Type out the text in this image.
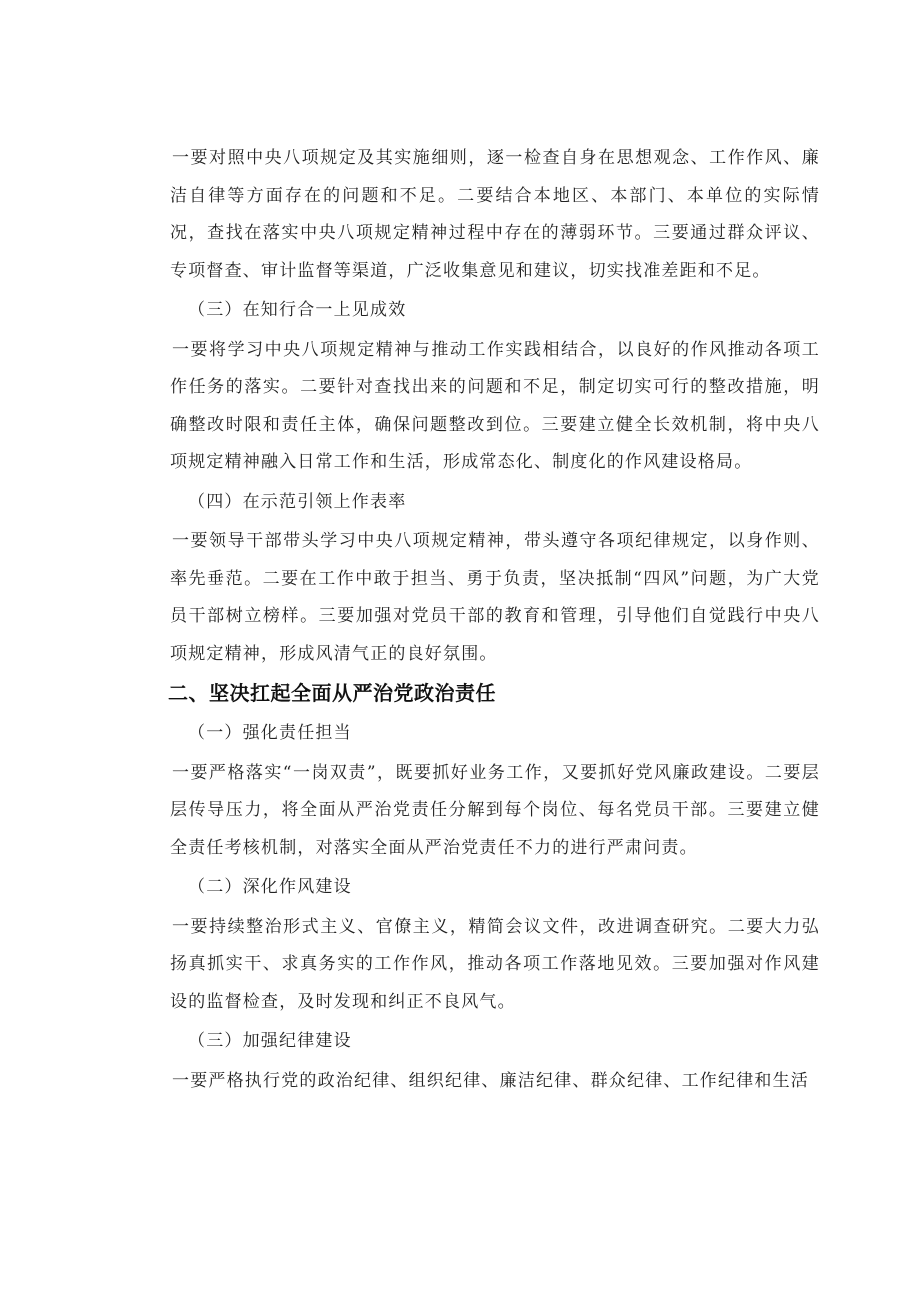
一要对照中央八项规定及其实施细则，逐一检查自身在思想观念、工作作风、廉洁自律等方面存在的问题和不足。二要结合本地区、本部门、本单位的实际情况，查找在落实中央八项规定精神过程中存在的薄弱环节。三要通过群众评议、专项督查、审计监督等渠道，广泛收集意见和建议，切实找准差距和不足。

（三）在知行合一上见成效

一要将学习中央八项规定精神与推动工作实践相结合，以良好的作风推动各项工作任务的落实。二要针对查找出来的问题和不足，制定切实可行的整改措施，明确整改时限和责任主体，确保问题整改到位。三要建立健全长效机制，将中央八项规定精神融入日常工作和生活，形成常态化、制度化的作风建设格局。

（四）在示范引领上作表率

一要领导干部带头学习中央八项规定精神，带头遵守各项纪律规定，以身作则、率先垂范。二要在工作中敢于担当、勇于负责，坚决抵制“四风”问题，为广大党员干部树立榜样。三要加强对党员干部的教育和管理，引导他们自觉践行中央八项规定精神，形成风清气正的良好氛围。

二、坚决扛起全面从严治党政治责任

（一）强化责任担当

一要严格落实“一岗双责”，既要抓好业务工作，又要抓好党风廉政建设。二要层层传导压力，将全面从严治党责任分解到每个岗位、每名党员干部。三要建立健全责任考核机制，对落实全面从严治党责任不力的进行严肃问责。

（二）深化作风建设

一要持续整治形式主义、官僚主义，精简会议文件，改进调查研究。二要大力弘扬真抓实干、求真务实的工作作风，推动各项工作落地见效。三要加强对作风建设的监督检查，及时发现和纠正不良风气。

（三）加强纪律建设

一要严格执行党的政治纪律、组织纪律、廉洁纪律、群众纪律、工作纪律和生活
